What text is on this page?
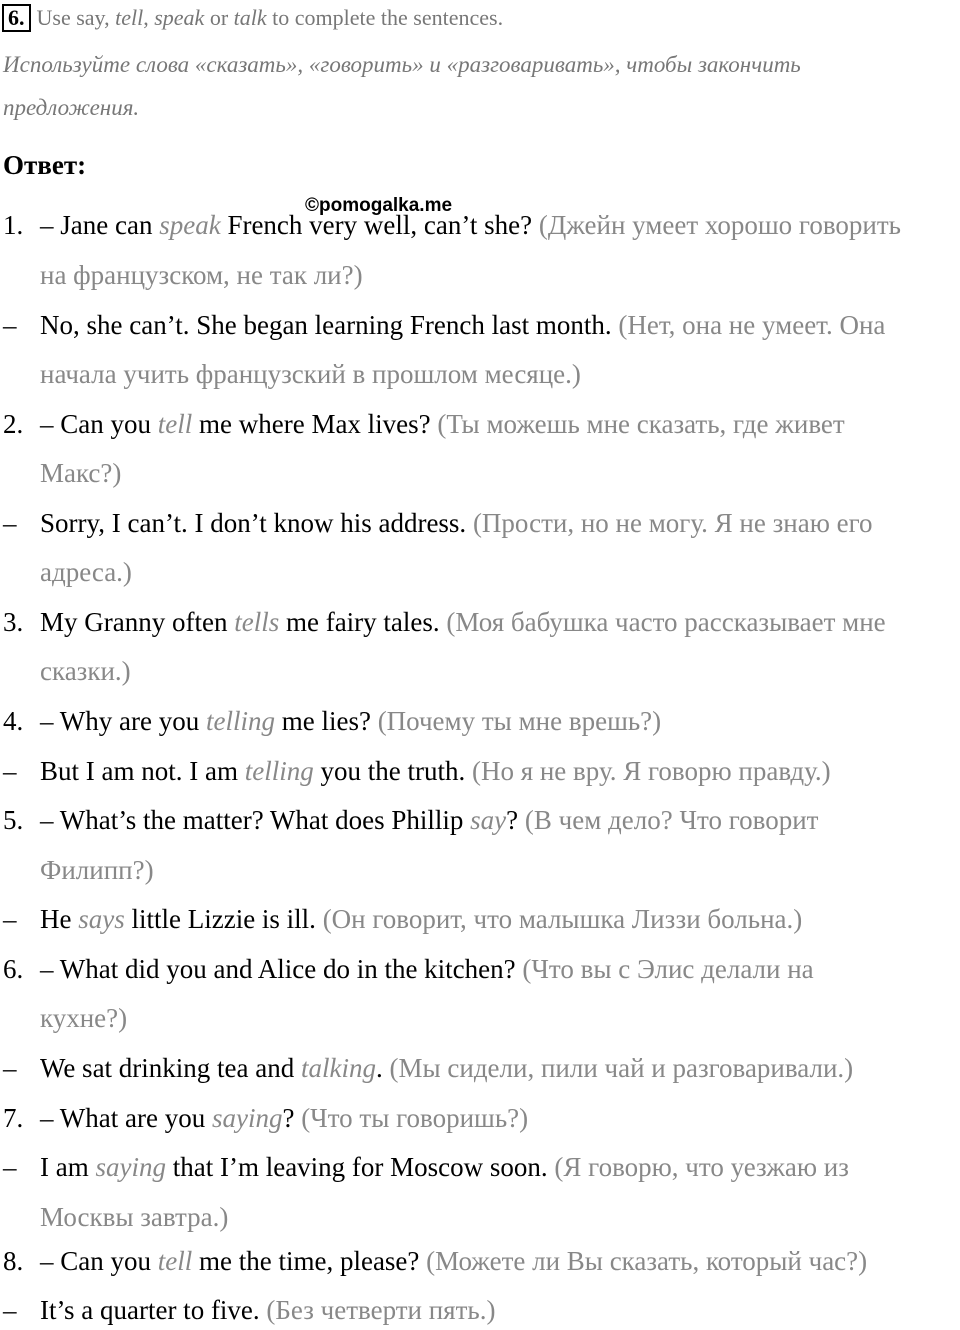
6. Use say, tell, speak or talk to complete the sentences.
Используйте слова «сказать», «говорить» и «разговаривать», чтобы закончить
предложения.
Ответ:
©pomogalka.me
1. – Jane can speak French very well, can’t she? (Джейн умеет хорошо говорить
на французском, не так ли?)
– No, she can’t. She began learning French last month. (Нет, она не умеет. Она
начала учить французский в прошлом месяце.)
2. – Can you tell me where Max lives? (Ты можешь мне сказать, где живет
Макс?)
– Sorry, I can’t. I don’t know his address. (Прости, но не могу. Я не знаю его
адреса.)
3. My Granny often tells me fairy tales. (Моя бабушка часто рассказывает мне
сказки.)
4. – Why are you telling me lies? (Почему ты мне врешь?)
– But I am not. I am telling you the truth. (Но я не вру. Я говорю правду.)
5. – What’s the matter? What does Phillip say? (В чем дело? Что говорит
Филипп?)
– He says little Lizzie is ill. (Он говорит, что малышка Лиззи больна.)
6. – What did you and Alice do in the kitchen? (Что вы с Элис делали на
кухне?)
– We sat drinking tea and talking. (Мы сидели, пили чай и разговаривали.)
7. – What are you saying? (Что ты говоришь?)
– I am saying that I’m leaving for Moscow soon. (Я говорю, что уезжаю из
Москвы завтра.)
8. – Can you tell me the time, please? (Можете ли Вы сказать, который час?)
– It’s a quarter to five. (Без четверти пять.)
